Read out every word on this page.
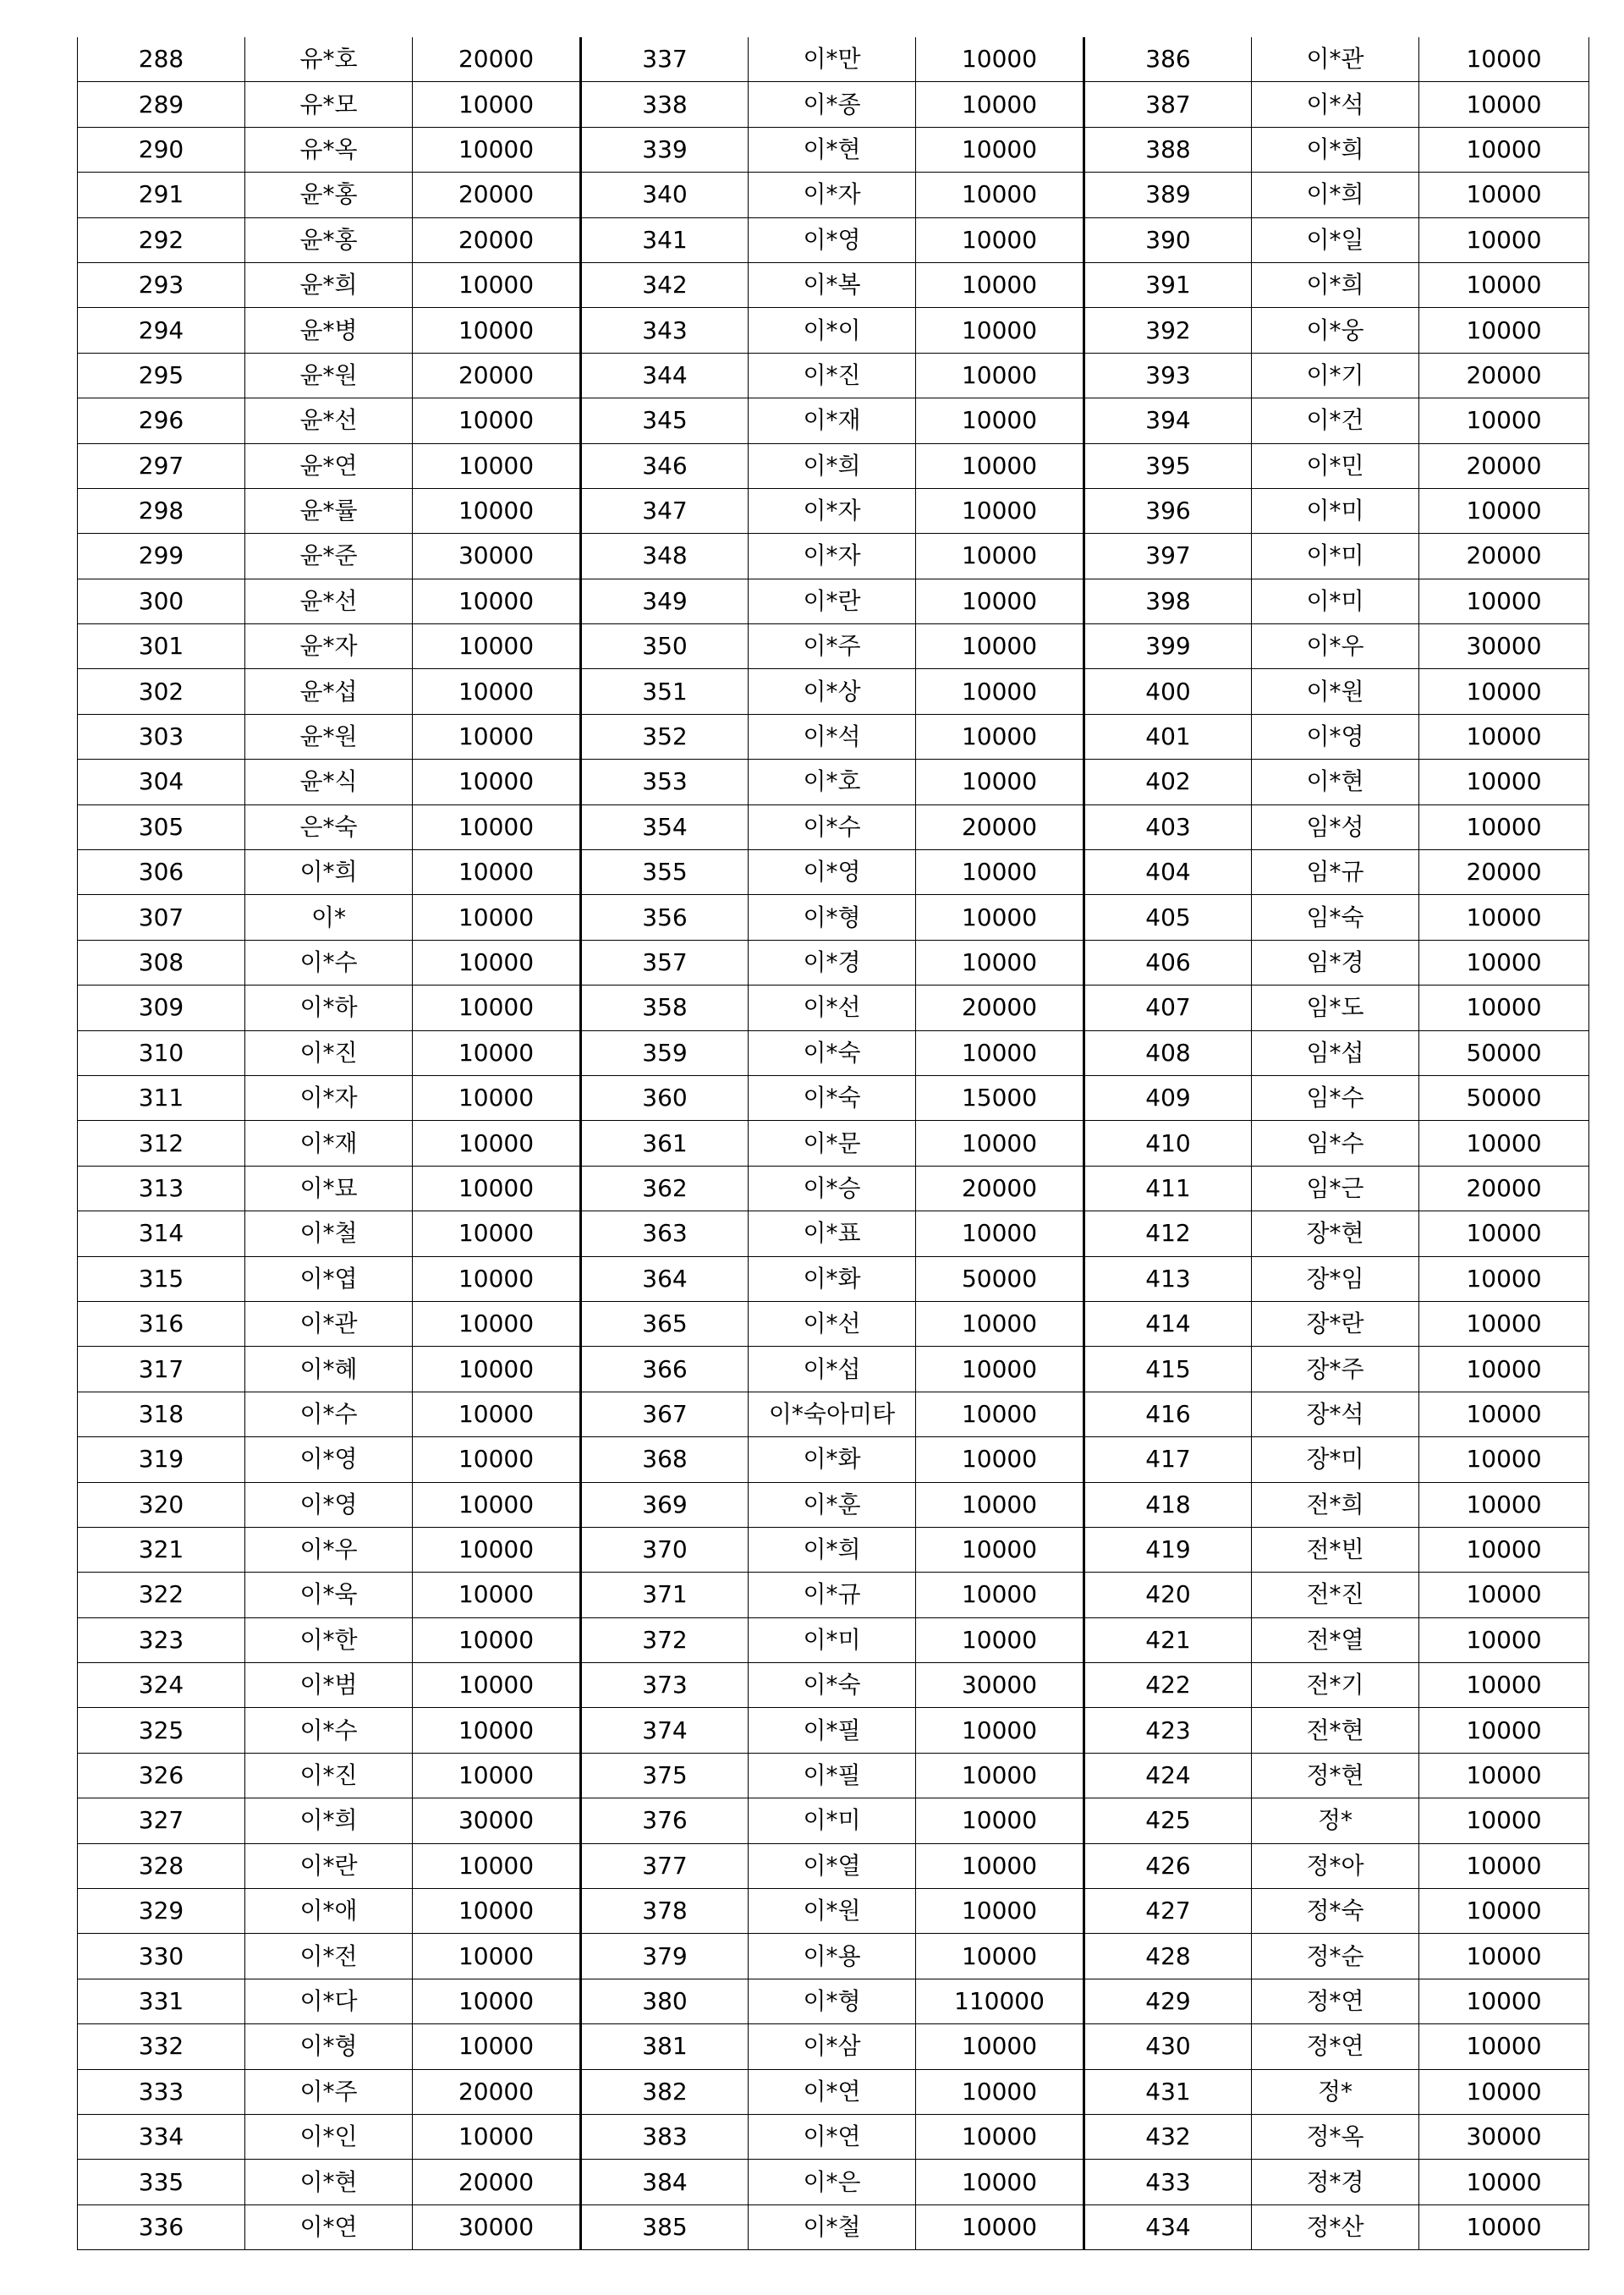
288	유*호	20000	337	이*만	10000	386	이*관	10000
289	유*모	10000	338	이*종	10000	387	이*석	10000
290	유*옥	10000	339	이*현	10000	388	이*희	10000
291	윤*홍	20000	340	이*자	10000	389	이*희	10000
292	윤*홍	20000	341	이*영	10000	390	이*일	10000
293	윤*희	10000	342	이*복	10000	391	이*희	10000
294	윤*병	10000	343	이*이	10000	392	이*웅	10000
295	윤*원	20000	344	이*진	10000	393	이*기	20000
296	윤*선	10000	345	이*재	10000	394	이*건	10000
297	윤*연	10000	346	이*희	10000	395	이*민	20000
298	윤*률	10000	347	이*자	10000	396	이*미	10000
299	윤*준	30000	348	이*자	10000	397	이*미	20000
300	윤*선	10000	349	이*란	10000	398	이*미	10000
301	윤*자	10000	350	이*주	10000	399	이*우	30000
302	윤*섭	10000	351	이*상	10000	400	이*원	10000
303	윤*원	10000	352	이*석	10000	401	이*영	10000
304	윤*식	10000	353	이*호	10000	402	이*현	10000
305	은*숙	10000	354	이*수	20000	403	임*성	10000
306	이*희	10000	355	이*영	10000	404	임*규	20000
307	이*	10000	356	이*형	10000	405	임*숙	10000
308	이*수	10000	357	이*경	10000	406	임*경	10000
309	이*하	10000	358	이*선	20000	407	임*도	10000
310	이*진	10000	359	이*숙	10000	408	임*섭	50000
311	이*자	10000	360	이*숙	15000	409	임*수	50000
312	이*재	10000	361	이*문	10000	410	임*수	10000
313	이*묘	10000	362	이*승	20000	411	임*근	20000
314	이*철	10000	363	이*표	10000	412	장*현	10000
315	이*엽	10000	364	이*화	50000	413	장*임	10000
316	이*관	10000	365	이*선	10000	414	장*란	10000
317	이*혜	10000	366	이*섭	10000	415	장*주	10000
318	이*수	10000	367	이*숙아미타	10000	416	장*석	10000
319	이*영	10000	368	이*화	10000	417	장*미	10000
320	이*영	10000	369	이*훈	10000	418	전*희	10000
321	이*우	10000	370	이*희	10000	419	전*빈	10000
322	이*욱	10000	371	이*규	10000	420	전*진	10000
323	이*한	10000	372	이*미	10000	421	전*열	10000
324	이*범	10000	373	이*숙	30000	422	전*기	10000
325	이*수	10000	374	이*필	10000	423	전*현	10000
326	이*진	10000	375	이*필	10000	424	정*현	10000
327	이*희	30000	376	이*미	10000	425	정*	10000
328	이*란	10000	377	이*열	10000	426	정*아	10000
329	이*애	10000	378	이*원	10000	427	정*숙	10000
330	이*전	10000	379	이*용	10000	428	정*순	10000
331	이*다	10000	380	이*형	110000	429	정*연	10000
332	이*형	10000	381	이*삼	10000	430	정*연	10000
333	이*주	20000	382	이*연	10000	431	정*	10000
334	이*인	10000	383	이*연	10000	432	정*옥	30000
335	이*현	20000	384	이*은	10000	433	정*경	10000
336	이*연	30000	385	이*철	10000	434	정*산	10000
